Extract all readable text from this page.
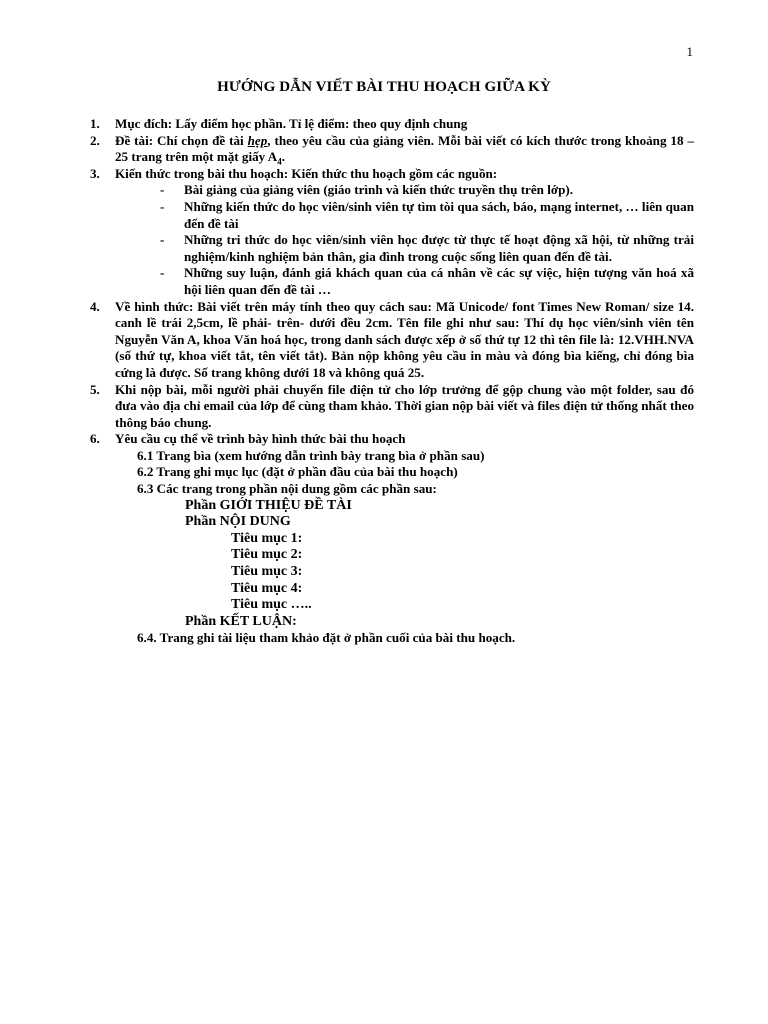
1
HƯỚNG DẪN VIẾT BÀI THU HOẠCH GIỮA KỲ
1. Mục đích: Lấy điểm học phần. Tỉ lệ điểm: theo quy định chung
2. Đề tài: Chí chọn đề tài hẹp, theo yêu cầu của giảng viên. Mỗi bài viết có kích thước trong khoảng 18 – 25 trang trên một mặt giấy $A_4$.
3. Kiến thức trong bài thu hoạch: Kiến thức thu hoạch gồm các nguồn:
- Bài giảng của giảng viên (giáo trình và kiến thức truyền thụ trên lớp).
- Những kiến thức do học viên/sinh viên tự tìm tòi qua sách, báo, mạng internet, … liên quan đến đề tài
- Những tri thức do học viên/sinh viên học được từ thực tế hoạt động xã hội, từ những trải nghiệm/kinh nghiệm bản thân, gia đình trong cuộc sống liên quan đến đề tài.
- Những suy luận, đánh giá khách quan của cá nhân về các sự việc, hiện tượng văn hoá xã hội liên quan đến đề tài …
4. Về hình thức: Bài viết trên máy tính theo quy cách sau: Mã Unicode/ font Times New Roman/ size 14. canh lề trái 2,5cm, lề phải- trên- dưới đều 2cm. Tên file ghi như sau: Thí dụ học viên/sinh viên tên Nguyễn Văn A, khoa Văn hoá học, trong danh sách được xếp ở số thứ tự 12 thì tên file là: 12.VHH.NVA (số thứ tự, khoa viết tắt, tên viết tắt). Bản nộp không yêu cầu in màu và đóng bìa kiếng, chỉ đóng bìa cứng là được. Số trang không dưới 18 và không quá 25.
5. Khi nộp bài, mỗi người phải chuyển file điện tử cho lớp trưởng để gộp chung vào một folder, sau đó đưa vào địa chỉ email của lớp để cùng tham khảo. Thời gian nộp bài viết và files điện tử thống nhất theo thông báo chung.
6. Yêu cầu cụ thể về trình bày hình thức bài thu hoạch
6.1 Trang bìa (xem hướng dẫn trình bày trang bìa ở phần sau)
6.2 Trang ghi mục lục (đặt ở phần đầu của bài thu hoạch)
6.3 Các trang trong phần nội dung gồm các phần sau:
Phần GIỚI THIỆU ĐỀ TÀI
Phần NỘI DUNG
Tiêu mục 1:
Tiêu mục 2:
Tiêu mục 3:
Tiêu mục 4:
Tiêu mục …..
Phần KẾT LUẬN:
6.4. Trang ghi tài liệu tham khảo đặt ở phần cuối của bài thu hoạch.
